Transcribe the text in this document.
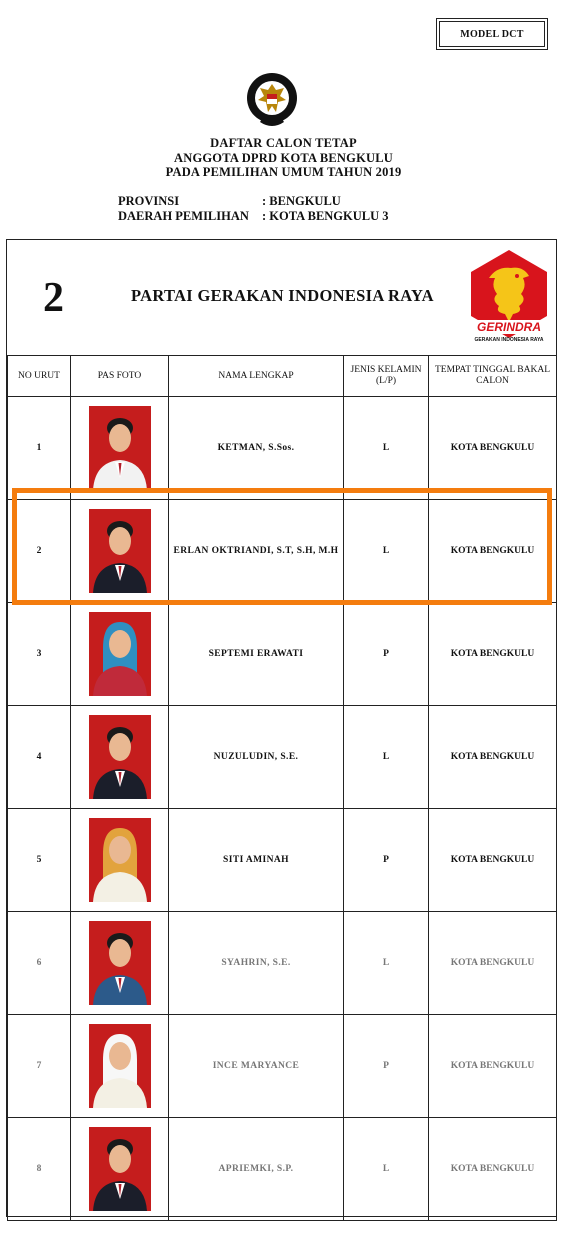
MODEL DCT
DAFTAR CALON TETAP
ANGGOTA DPRD KOTA BENGKULU
PADA PEMILIHAN UMUM TAHUN 2019
PROVINSI	: BENGKULU
DAERAH PEMILIHAN	: KOTA BENGKULU 3
2	PARTAI GERAKAN INDONESIA RAYA
GERINDRA
GERAKAN INDONESIA RAYA
NO URUT	PAS FOTO	NAMA LENGKAP	JENIS KELAMIN (L/P)	TEMPAT TINGGAL BAKAL CALON
1		KETMAN, S.Sos.	L	KOTA BENGKULU
2		ERLAN OKTRIANDI, S.T, S.H, M.H	L	KOTA BENGKULU
3		SEPTEMI ERAWATI	P	KOTA BENGKULU
4		NUZULUDIN, S.E.	L	KOTA BENGKULU
5		SITI AMINAH	P	KOTA BENGKULU
6		SYAHRIN, S.E.	L	KOTA BENGKULU
7		INCE MARYANCE	P	KOTA BENGKULU
8		APRIEMKI, S.P.	L	KOTA BENGKULU
